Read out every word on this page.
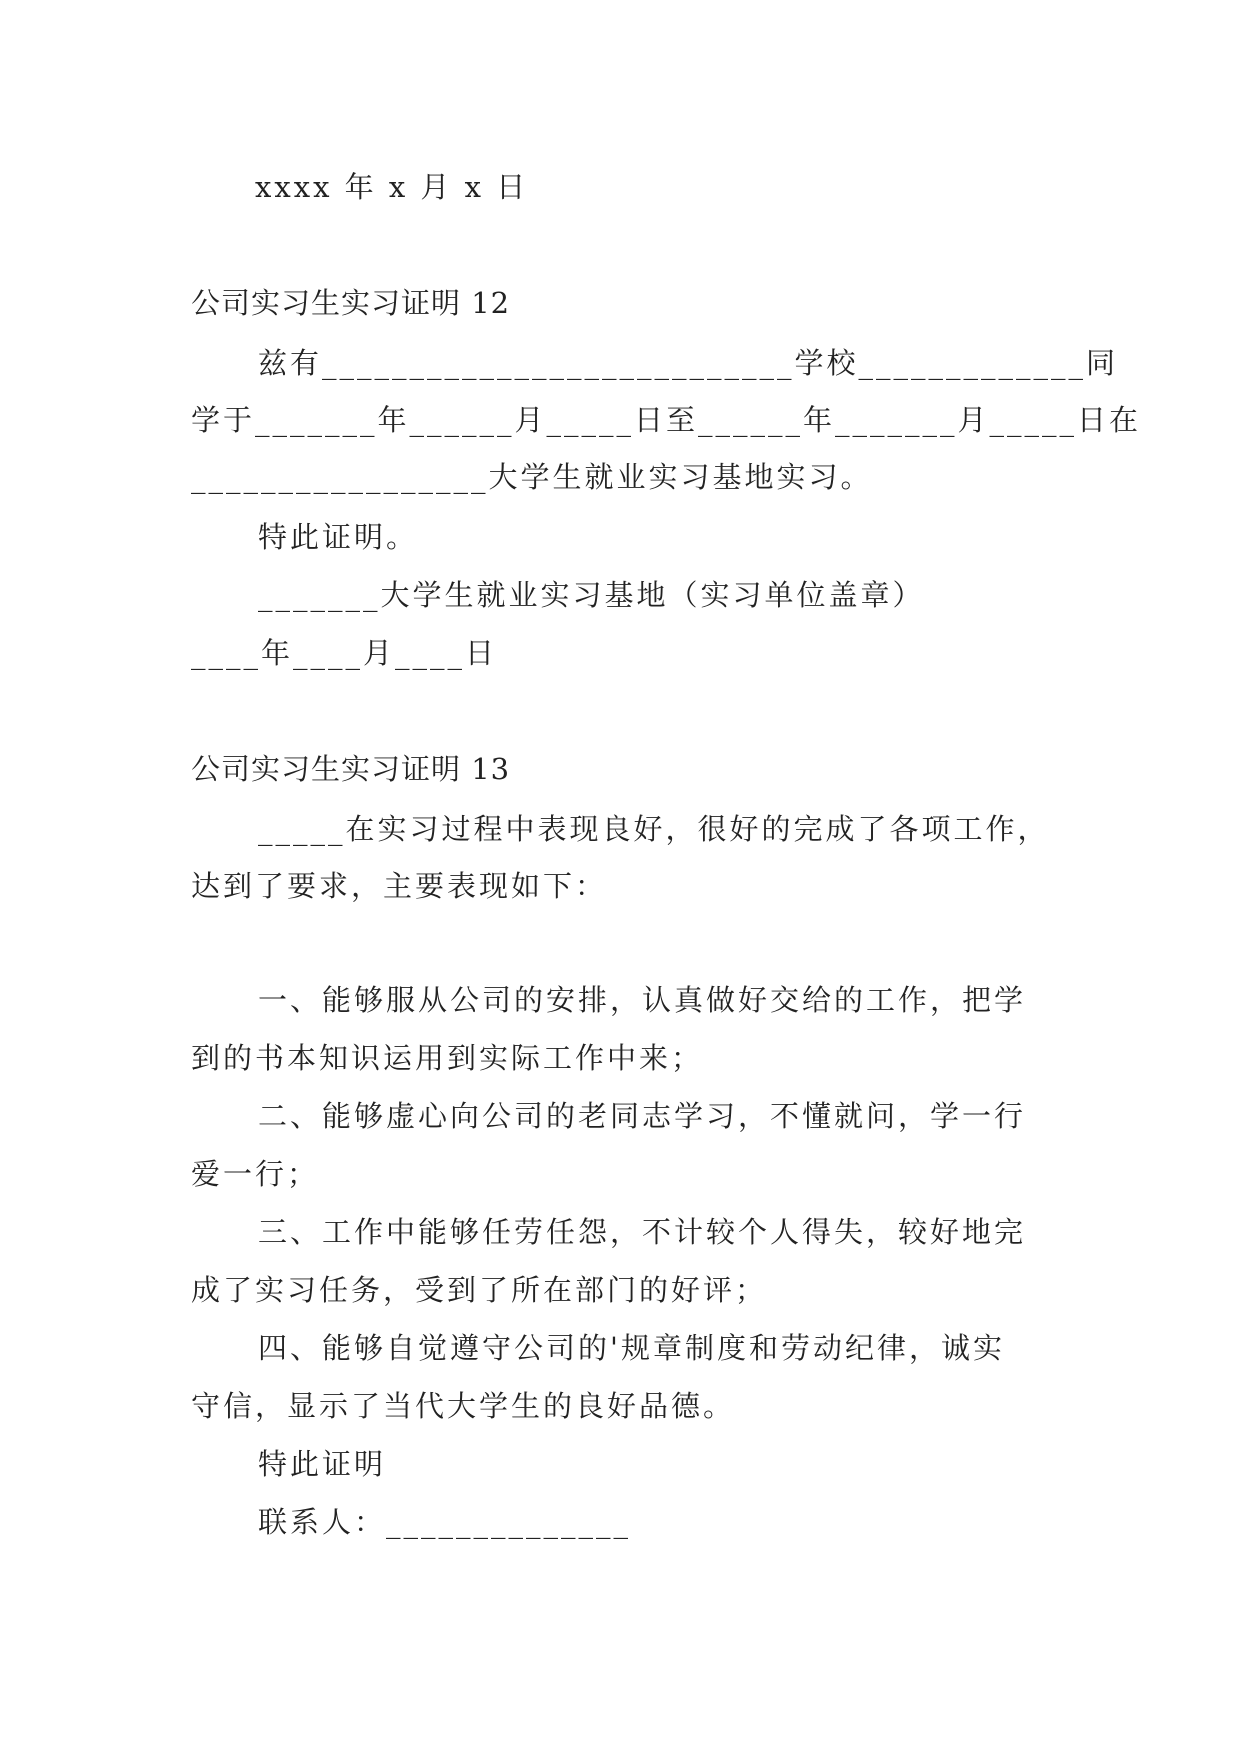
xxxx 年 x 月 x 日
公司实习生实习证明 12
兹有___________________________学校_____________同
学于_______年______月_____日至______年_______月_____日在
_________________大学生就业实习基地实习。
特此证明。
_______大学生就业实习基地（实习单位盖章）
____年____月____日
公司实习生实习证明 13
_____在实习过程中表现良好，很好的完成了各项工作，
达到了要求，主要表现如下：
一、能够服从公司的安排，认真做好交给的工作，把学
到的书本知识运用到实际工作中来；
二、能够虚心向公司的老同志学习，不懂就问，学一行
爱一行；
三、工作中能够任劳任怨，不计较个人得失，较好地完
成了实习任务，受到了所在部门的好评；
四、能够自觉遵守公司的'规章制度和劳动纪律，诚实
守信，显示了当代大学生的良好品德。
特此证明
联系人：______________
